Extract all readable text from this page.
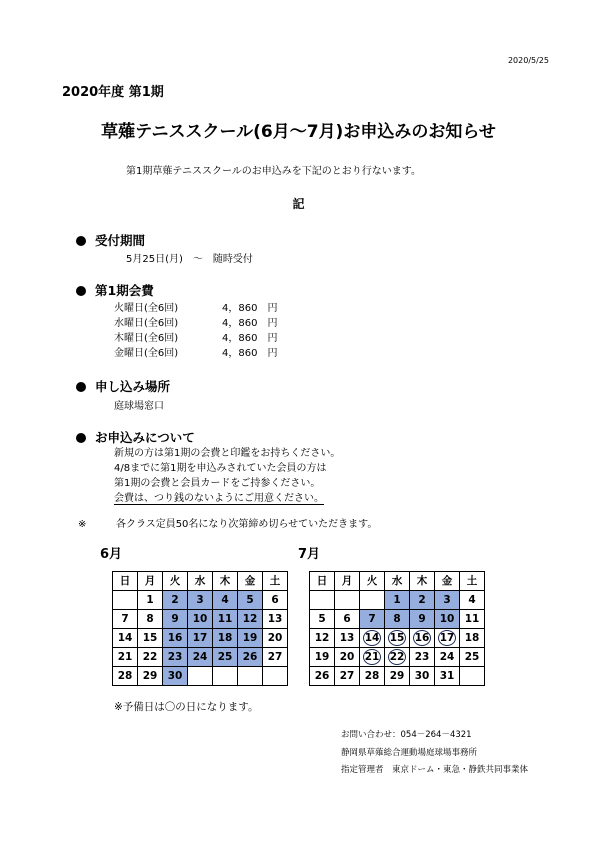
2020/5/25
2020年度 第1期
草薙テニススクール(6月～7月)お申込みのお知らせ
第1期草薙テニススクールのお申込みを下記のとおり行ないます。
記
受付期間
5月25日(月)　～　随時受付
第1期会費
火曜日(全6回)	4，860　円
水曜日(全6回)	4，860　円
木曜日(全6回)	4，860　円
金曜日(全6回)	4，860　円
申し込み場所
庭球場窓口
お申込みについて
新規の方は第1期の会費と印鑑をお持ちください。
4/8までに第1期を申込みされていた会員の方は
第1期の会費と会員カードをご持参ください。
会費は、つり銭のないようにご用意ください。
※	各クラス定員50名になり次第締め切らせていただきます。
6月	7月
日	月	火	水	木	金	土
	1	2	3	4	5	6
7	8	9	10	11	12	13
14	15	16	17	18	19	20
21	22	23	24	25	26	27
28	29	30				
日	月	火	水	木	金	土
			1	2	3	4
5	6	7	8	9	10	11
12	13	14	15	16	17	18
19	20	21	22	23	24	25
26	27	28	29	30	31	
※予備日は〇の日になります。
お問い合わせ：054－264－4321
静岡県草薙総合運動場庭球場事務所
指定管理者　東京ドーム・東急・静鉄共同事業体
